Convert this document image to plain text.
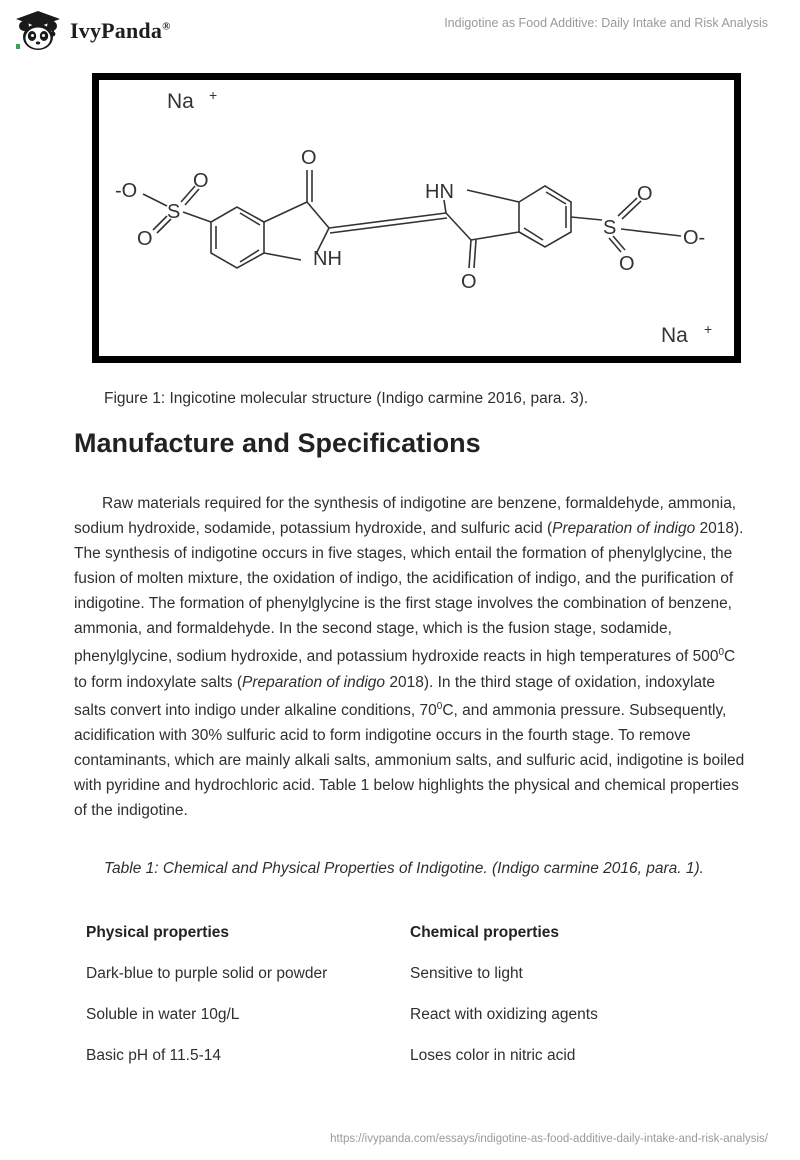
IvyPanda®	Indigotine as Food Additive: Daily Intake and Risk Analysis
Na +
Na +
-O
S
O
O
O
NH
HN
O
S
O
O
O-
Figure 1: Ingicotine molecular structure (Indigo carmine 2016, para. 3).
Manufacture and Specifications

Raw materials required for the synthesis of indigotine are benzene, formaldehyde, ammonia, sodium hydroxide, sodamide, potassium hydroxide, and sulfuric acid (Preparation of indigo 2018). The synthesis of indigotine occurs in five stages, which entail the formation of phenylglycine, the fusion of molten mixture, the oxidation of indigo, the acidification of indigo, and the purification of indigotine. The formation of phenylglycine is the first stage involves the combination of benzene, ammonia, and formaldehyde. In the second stage, which is the fusion stage, sodamide, phenylglycine, sodium hydroxide, and potassium hydroxide reacts in high temperatures of $500^0C$ to form indoxylate salts (Preparation of indigo 2018). In the third stage of oxidation, indoxylate salts convert into indigo under alkaline conditions, $70^0C$, and ammonia pressure. Subsequently, acidification with 30% sulfuric acid to form indigotine occurs in the fourth stage. To remove contaminants, which are mainly alkali salts, ammonium salts, and sulfuric acid, indigotine is boiled with pyridine and hydrochloric acid. Table 1 below highlights the physical and chemical properties of the indigotine.

Table 1: Chemical and Physical Properties of Indigotine. (Indigo carmine 2016, para. 1).

Physical properties	Chemical properties
Dark-blue to purple solid or powder	Sensitive to light
Soluble in water 10g/L	React with oxidizing agents
Basic pH of 11.5-14	Loses color in nitric acid
https://ivypanda.com/essays/indigotine-as-food-additive-daily-intake-and-risk-analysis/
